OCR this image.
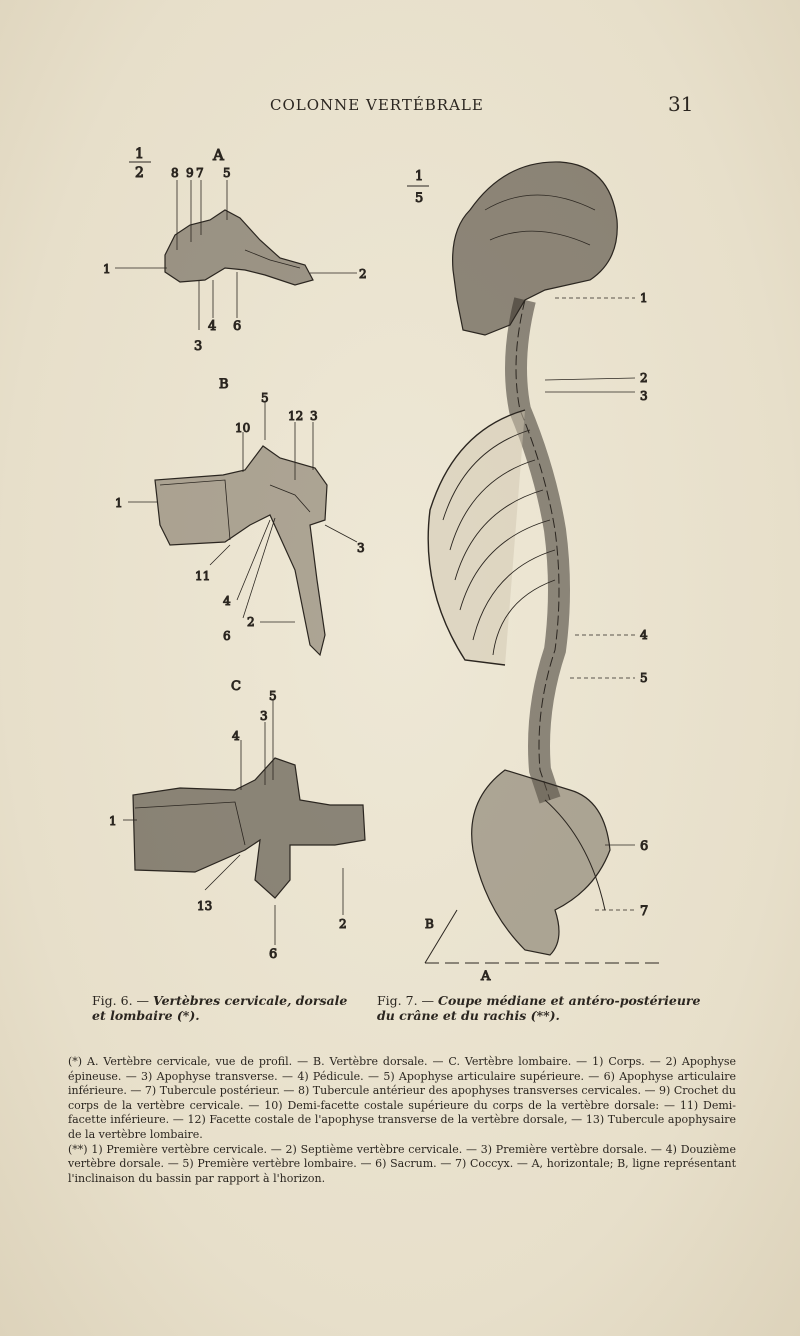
COLONNE VERTÉBRALE	31
1
2
A
8 9 7 5
1	2
4 6
3
B
5
10
12 3
1
3
11
4
2
6
C
5
3
4
1
13
2
6
1
5
1
2
3
4
5
6
7
A
B
Fig. 6. — Vertèbres cervicale, dorsale et lombaire (*).
Fig. 7. — Coupe médiane et antéro-postérieure du crâne et du rachis (**).

(*) A. Vertèbre cervicale, vue de profil. — B. Vertèbre dorsale. — C. Vertèbre lombaire. — 1) Corps. — 2) Apophyse épineuse. — 3) Apophyse transverse. — 4) Pédicule. — 5) Apophyse articulaire supérieure. — 6) Apophyse articulaire inférieure. — 7) Tubercule postérieur. — 8) Tubercule antérieur des apophyses transverses cervicales. — 9) Crochet du corps de la vertèbre cervicale. — 10) Demi-facette costale supérieure du corps de la vertèbre dorsale: — 11) Demi-facette inférieure. — 12) Facette costale de l'apophyse transverse de la vertèbre dorsale, — 13) Tubercule apophysaire de la vertèbre lombaire.

(**) 1) Première vertèbre cervicale. — 2) Septième vertèbre cervicale. — 3) Première vertèbre dorsale. — 4) Douzième vertèbre dorsale. — 5) Première vertèbre lombaire. — 6) Sacrum. — 7) Coccyx. — A, horizontale; B, ligne représentant l'inclinaison du bassin par rapport à l'horizon.
